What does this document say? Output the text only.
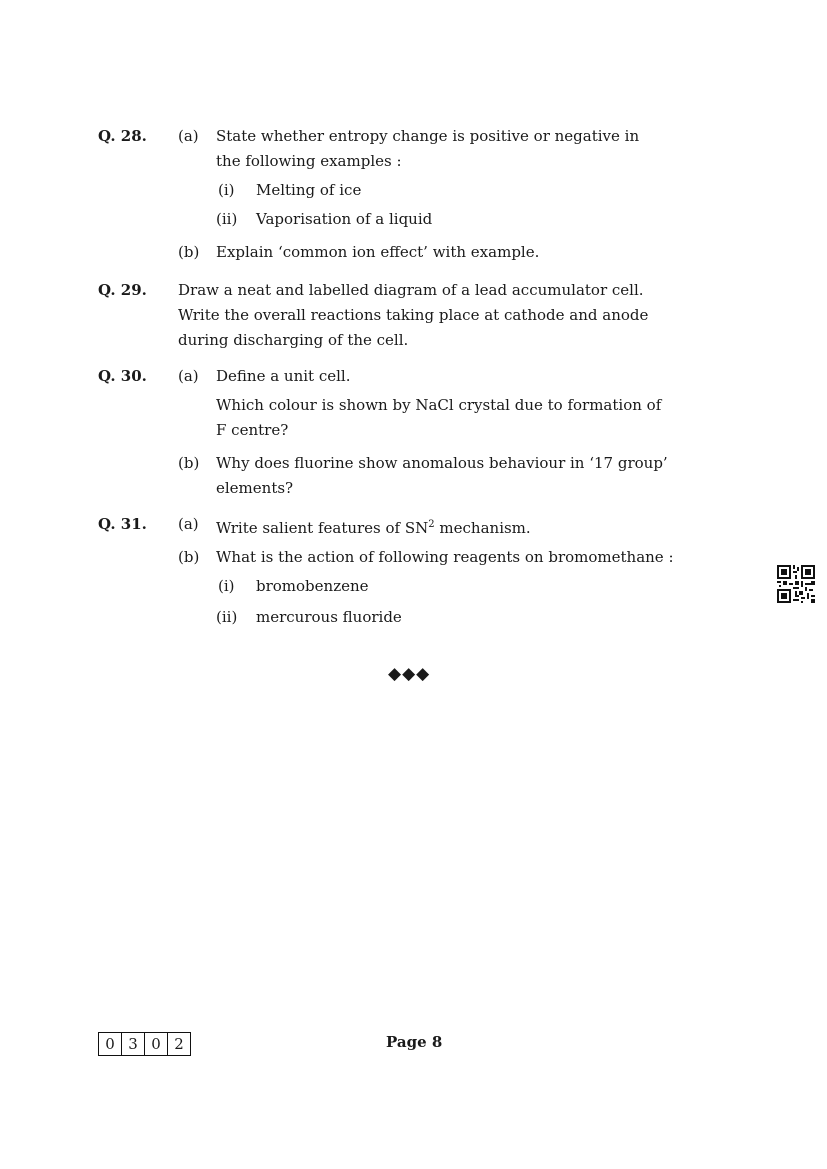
Q. 28. (a) State whether entropy change is positive or negative in
the following examples :
(i) Melting of ice
(ii) Vaporisation of a liquid
(b) Explain ‘common ion effect’ with example.
Q. 29. Draw a neat and labelled diagram of a lead accumulator cell.
Write the overall reactions taking place at cathode and anode
during discharging of the cell.
Q. 30. (a) Define a unit cell.
Which colour is shown by NaCl crystal due to formation of
F centre?
(b) Why does fluorine show anomalous behaviour in ‘17 group’
elements?
Q. 31. (a) Write salient features of $SN^2$ mechanism.
(b) What is the action of following reagents on bromomethane :
(i) bromobenzene
(ii) mercurous fluoride
◆◆◆
0 3 0 2	Page 8
